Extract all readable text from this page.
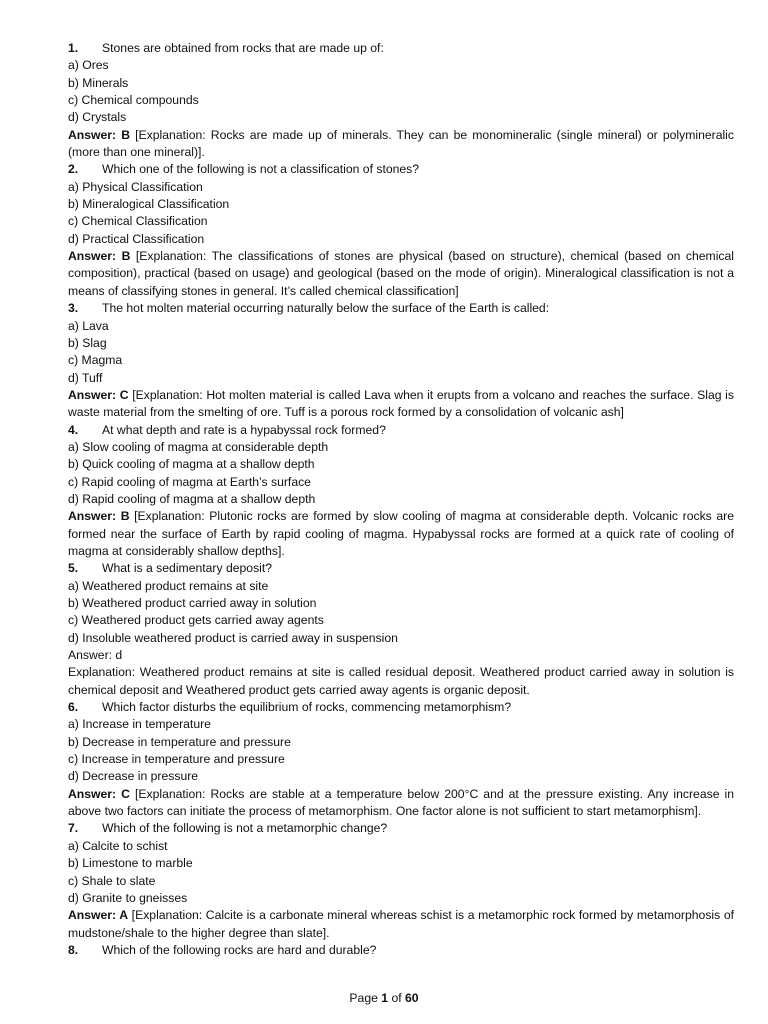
1. Stones are obtained from rocks that are made up of:
a) Ores
b) Minerals
c) Chemical compounds
d) Crystals
Answer: B [Explanation: Rocks are made up of minerals. They can be monomineralic (single mineral) or polymineralic (more than one mineral)].
2. Which one of the following is not a classification of stones?
a) Physical Classification
b) Mineralogical Classification
c) Chemical Classification
d) Practical Classification
Answer: B [Explanation: The classifications of stones are physical (based on structure), chemical (based on chemical composition), practical (based on usage) and geological (based on the mode of origin). Mineralogical classification is not a means of classifying stones in general. It’s called chemical classification]
3. The hot molten material occurring naturally below the surface of the Earth is called:
a) Lava
b) Slag
c) Magma
d) Tuff
Answer: C [Explanation: Hot molten material is called Lava when it erupts from a volcano and reaches the surface. Slag is waste material from the smelting of ore. Tuff is a porous rock formed by a consolidation of volcanic ash]
4. At what depth and rate is a hypabyssal rock formed?
a) Slow cooling of magma at considerable depth
b) Quick cooling of magma at a shallow depth
c) Rapid cooling of magma at Earth’s surface
d) Rapid cooling of magma at a shallow depth
Answer: B [Explanation: Plutonic rocks are formed by slow cooling of magma at considerable depth. Volcanic rocks are formed near the surface of Earth by rapid cooling of magma. Hypabyssal rocks are formed at a quick rate of cooling of magma at considerably shallow depths].
5. What is a sedimentary deposit?
a) Weathered product remains at site
b) Weathered product carried away in solution
c) Weathered product gets carried away agents
d) Insoluble weathered product is carried away in suspension
Answer: d
Explanation: Weathered product remains at site is called residual deposit. Weathered product carried away in solution is chemical deposit and Weathered product gets carried away agents is organic deposit.
6. Which factor disturbs the equilibrium of rocks, commencing metamorphism?
a) Increase in temperature
b) Decrease in temperature and pressure
c) Increase in temperature and pressure
d) Decrease in pressure
Answer: C [Explanation: Rocks are stable at a temperature below 200°C and at the pressure existing. Any increase in above two factors can initiate the process of metamorphism. One factor alone is not sufficient to start metamorphism].
7. Which of the following is not a metamorphic change?
a) Calcite to schist
b) Limestone to marble
c) Shale to slate
d) Granite to gneisses
Answer: A [Explanation: Calcite is a carbonate mineral whereas schist is a metamorphic rock formed by metamorphosis of mudstone/shale to the higher degree than slate].
8. Which of the following rocks are hard and durable?
Page 1 of 60
